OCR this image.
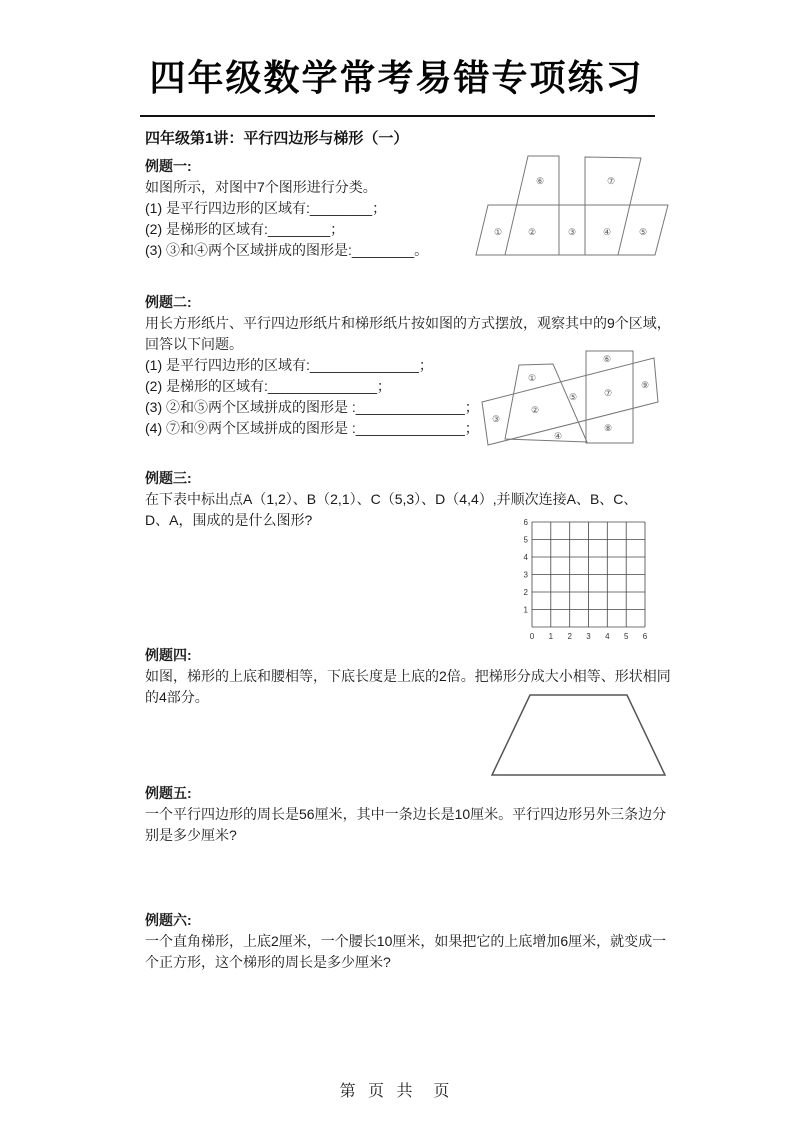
四年级数学常考易错专项练习
四年级第1讲：平行四边形与梯形（一）
例题一:
如图所示，对图中7个图形进行分类。
(1) 是平行四边形的区域有:________；
(2) 是梯形的区域有:________；
(3) ③和④两个区域拼成的图形是:________。
①	②	③	④	⑤
⑥	⑦
例题二:
用长方形纸片、平行四边形纸片和梯形纸片按如图的方式摆放，观察其中的9个区域，
回答以下问题。
(1) 是平行四边形的区域有:______________；
(2) 是梯形的区域有:______________；
(3) ②和⑤两个区域拼成的图形是 :______________；
(4) ⑦和⑨两个区域拼成的图形是 :______________；
①
②
③
④
⑤
⑥
⑦
⑧
⑨
例题三:
在下表中标出点A（1,2）、B（2,1）、C（5,3）、D（4,4）,并顺次连接A、B、C、
D、A，围成的是什么图形?	6
5
4
3
2
1
0 1 2 3 4 5 6
例题四:
如图，梯形的上底和腰相等，下底长度是上底的2倍。把梯形分成大小相等、形状相同
的4部分。
例题五:
一个平行四边形的周长是56厘米，其中一条边长是10厘米。平行四边形另外三条边分
别是多少厘米?
例题六:
一个直角梯形，上底2厘米，一个腰长10厘米，如果把它的上底增加6厘米，就变成一
个正方形，这个梯形的周长是多少厘米?
第 页 共  页
